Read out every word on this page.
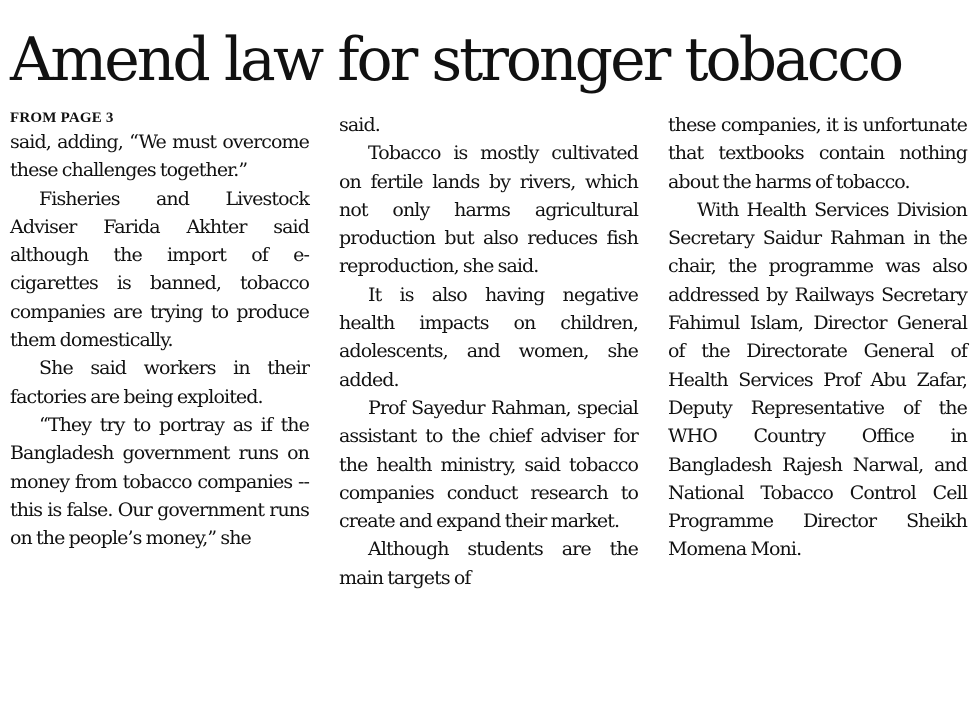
Amend law for stronger tobacco
FROM PAGE 3

said, adding, “We must overcome these challenges together.”

Fisheries and Livestock Adviser Farida Akhter said although the import of e-cigarettes is banned, tobacco companies are trying to produce them domestically.

She said workers in their factories are being exploited.

“They try to portray as if the Bangladesh government runs on money from tobacco companies -- this is false. Our government runs on the people’s money,” she

said.

Tobacco is mostly cultivated on fertile lands by rivers, which not only harms agricultural production but also reduces fish reproduction, she said.

It is also having negative health impacts on children, adolescents, and women, she added.

Prof Sayedur Rahman, special assistant to the chief adviser for the health ministry, said tobacco companies conduct research to create and expand their market.

Although students are the main targets of

these companies, it is unfortunate that textbooks contain nothing about the harms of tobacco.

With Health Services Division Secretary Saidur Rahman in the chair, the programme was also addressed by Railways Secretary Fahimul Islam, Director General of the Directorate General of Health Services Prof Abu Zafar, Deputy Representative of the WHO Country Office in Bangladesh Rajesh Narwal, and National Tobacco Control Cell Programme Director Sheikh Momena Moni.
